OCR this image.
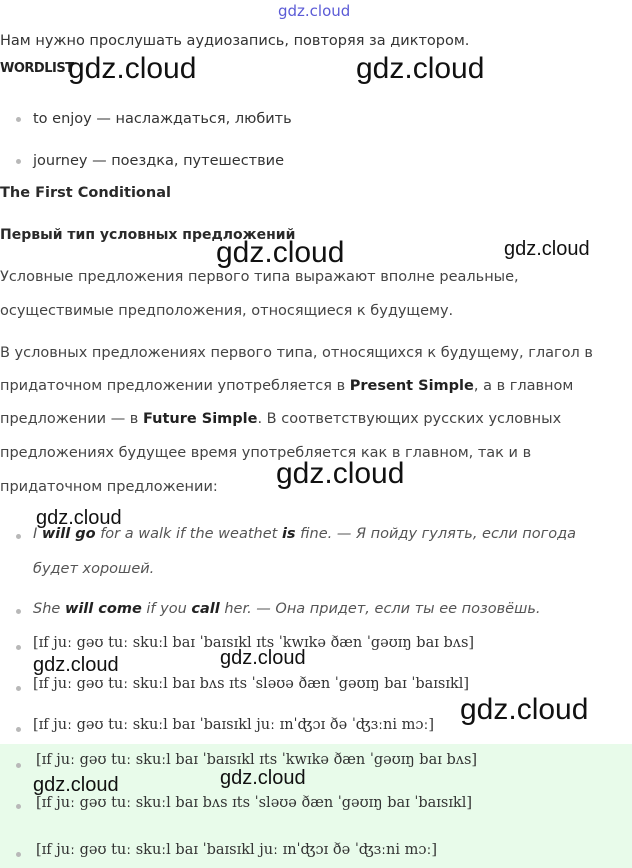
gdz.cloud
Нам нужно прослушать аудиозапись, повторяя за диктором.
WORDLIST
to enjoy — наслаждаться, любить
journey — поездка, путешествие
The First Conditional
Первый тип условных предложений
Условные предложения первого типа выражают вполне реальные,
осуществимые предположения, относящиеся к будущему.
В условных предложениях первого типа, относящихся к будущему, глагол в
придаточном предложении употребляется в Present Simple, а в главном
предложении — в Future Simple. В соответствующих русских условных
предложениях будущее время употребляется как в главном, так и в
придаточном предложении:
I will go for a walk if the weathet is fine. — Я пойду гулять, если погода
будет хорошей.
She will come if you call her. — Она придет, если ты ее позовёшь.
[ɪf juː gəʊ tuː skuːl baɪ ˈbaɪsɪkl ɪts ˈkwɪkə ðæn ˈgəʊɪŋ baɪ bʌs]
[ɪf juː gəʊ tuː skuːl baɪ bʌs ɪts ˈsləʊə ðæn ˈgəʊɪŋ baɪ ˈbaɪsɪkl]
[ɪf juː gəʊ tuː skuːl baɪ ˈbaɪsɪkl juː ɪnˈʤɔɪ ðə ˈʤɜːni mɔː]
[ɪf juː gəʊ tuː skuːl baɪ ˈbaɪsɪkl ɪts ˈkwɪkə ðæn ˈgəʊɪŋ baɪ bʌs]
[ɪf juː gəʊ tuː skuːl baɪ bʌs ɪts ˈsləʊə ðæn ˈgəʊɪŋ baɪ ˈbaɪsɪkl]
[ɪf juː gəʊ tuː skuːl baɪ ˈbaɪsɪkl juː ɪnˈʤɔɪ ðə ˈʤɜːni mɔː]
gdz.cloud	gdz.cloud
gdz.cloud	gdz.cloud
gdz.cloud
gdz.cloud
gdz.cloud
gdz.cloud
gdz.cloud
gdz.cloud
gdz.cloud
